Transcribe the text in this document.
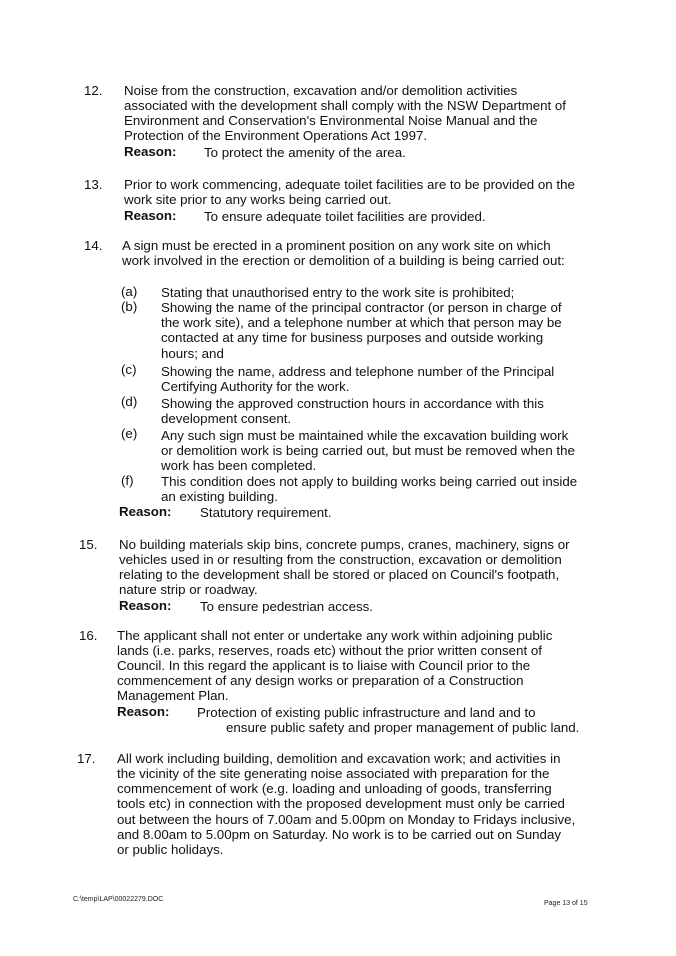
12. Noise from the construction, excavation and/or demolition activities
associated with the development shall comply with the NSW Department of
Environment and Conservation's Environmental Noise Manual and the
Protection of the Environment Operations Act 1997.
Reason: To protect the amenity of the area.
13. Prior to work commencing, adequate toilet facilities are to be provided on the
work site prior to any works being carried out.
Reason: To ensure adequate toilet facilities are provided.
14. A sign must be erected in a prominent position on any work site on which
work involved in the erection or demolition of a building is being carried out:
(a) Stating that unauthorised entry to the work site is prohibited;
(b) Showing the name of the principal contractor (or person in charge of
the work site), and a telephone number at which that person may be
contacted at any time for business purposes and outside working
hours; and
(c) Showing the name, address and telephone number of the Principal
Certifying Authority for the work.
(d) Showing the approved construction hours in accordance with this
development consent.
(e) Any such sign must be maintained while the excavation building work
or demolition work is being carried out, but must be removed when the
work has been completed.
(f) This condition does not apply to building works being carried out inside
an existing building.
Reason: Statutory requirement.
15. No building materials skip bins, concrete pumps, cranes, machinery, signs or
vehicles used in or resulting from the construction, excavation or demolition
relating to the development shall be stored or placed on Council's footpath,
nature strip or roadway.
Reason: To ensure pedestrian access.
16. The applicant shall not enter or undertake any work within adjoining public
lands (i.e. parks, reserves, roads etc) without the prior written consent of
Council. In this regard the applicant is to liaise with Council prior to the
commencement of any design works or preparation of a Construction
Management Plan.
Reason: Protection of existing public infrastructure and land and to
ensure public safety and proper management of public land.
17. All work including building, demolition and excavation work; and activities in
the vicinity of the site generating noise associated with preparation for the
commencement of work (e.g. loading and unloading of goods, transferring
tools etc) in connection with the proposed development must only be carried
out between the hours of 7.00am and 5.00pm on Monday to Fridays inclusive,
and 8.00am to 5.00pm on Saturday. No work is to be carried out on Sunday
or public holidays.
C:\temp\LAP\00022279.DOC
Page 13 of 15
